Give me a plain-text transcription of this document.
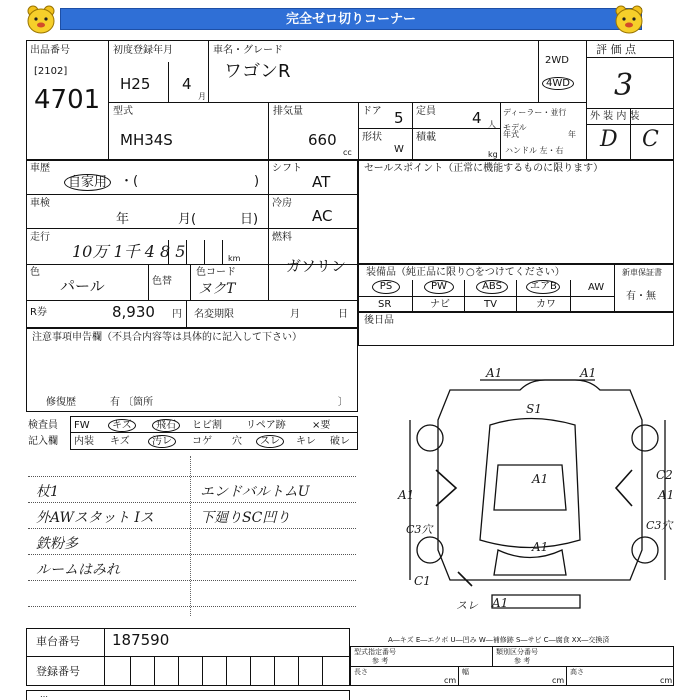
完全ゼロ切りコーナー
出品番号
[2102]
4701
初度登録年月
H25 4
月
車名・グレード
ワゴンR
2WD
4WD
評 価 点
3
外 装 内 装
D C
型式
MH34S
排気量
660
cc
ドア 5 定員 4 人
形状
W
積載
kg
ディーラー・並行
モデル年式	年
ハンドル 左・右
車歴
自家用 ・(	)
シフト
AT
車検
年	月(	日)
冷房
AC
走行
10万 1千 4 8 5	km
燃料
ガソリン
色
パール	色替
色コード
ヌクT
R券	8,930 円 名変期限	月	日
セールスポイント（正常に機能するものに限ります）
装備品（純正品に限り○をつけてください）	新車保証書
有・無
PS	PW	ABS	エアB	AW
SR	ナビ	TV	カワ
後日品
注意事項申告欄（不具合内容等は具体的に記入して下さい）
修復歴	有 〔箇所	〕
検査員
記入欄
FW	キズ	飛石	ヒビ割 リペア跡	×要
内装 キズ	汚レ	コゲ 穴	スレ	キレ 破レ
杖1
外AWスタット Iス
鉄粉多
ルームはみれ
エンドバルトムU
下廻りSC凹り
A1	A1
S1
A1
A1	A1
C2
A1
C3穴	C3穴
C1
スレ A1
車台番号 187590
登録番号
A―キズ E―エクボ U―凹み W―補修跡 S―サビ C―腐食 XX―交換済
型式指定番号
参 考
類別区分番号
参 考
長さ
cm
幅
cm
高さ
cm
…
